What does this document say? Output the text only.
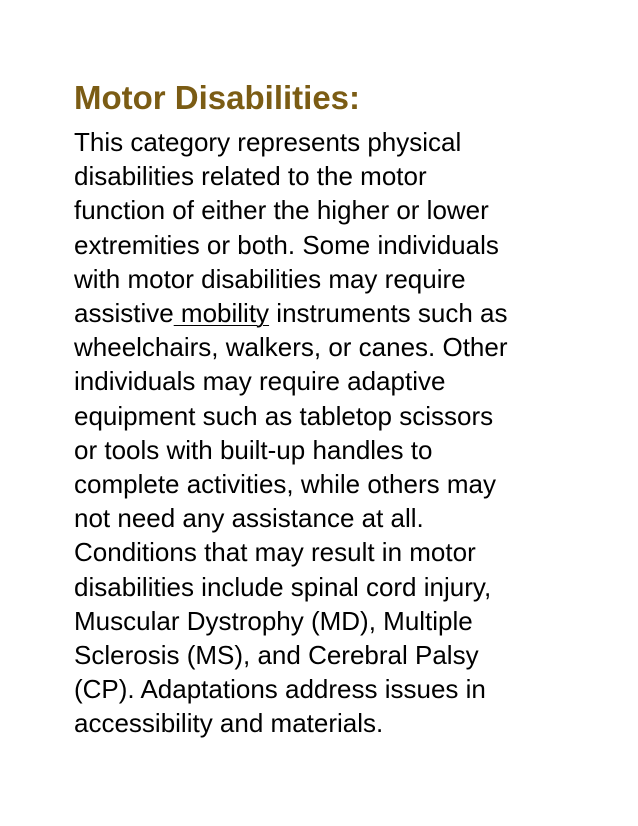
Motor Disabilities:
This category represents physical
disabilities related to the motor
function of either the higher or lower
extremities or both. Some individuals
with motor disabilities may require
assistive mobility instruments such as
wheelchairs, walkers, or canes. Other
individuals may require adaptive
equipment such as tabletop scissors
or tools with built-up handles to
complete activities, while others may
not need any assistance at all.
Conditions that may result in motor
disabilities include spinal cord injury,
Muscular Dystrophy (MD), Multiple
Sclerosis (MS), and Cerebral Palsy
(CP). Adaptations address issues in
accessibility and materials.
